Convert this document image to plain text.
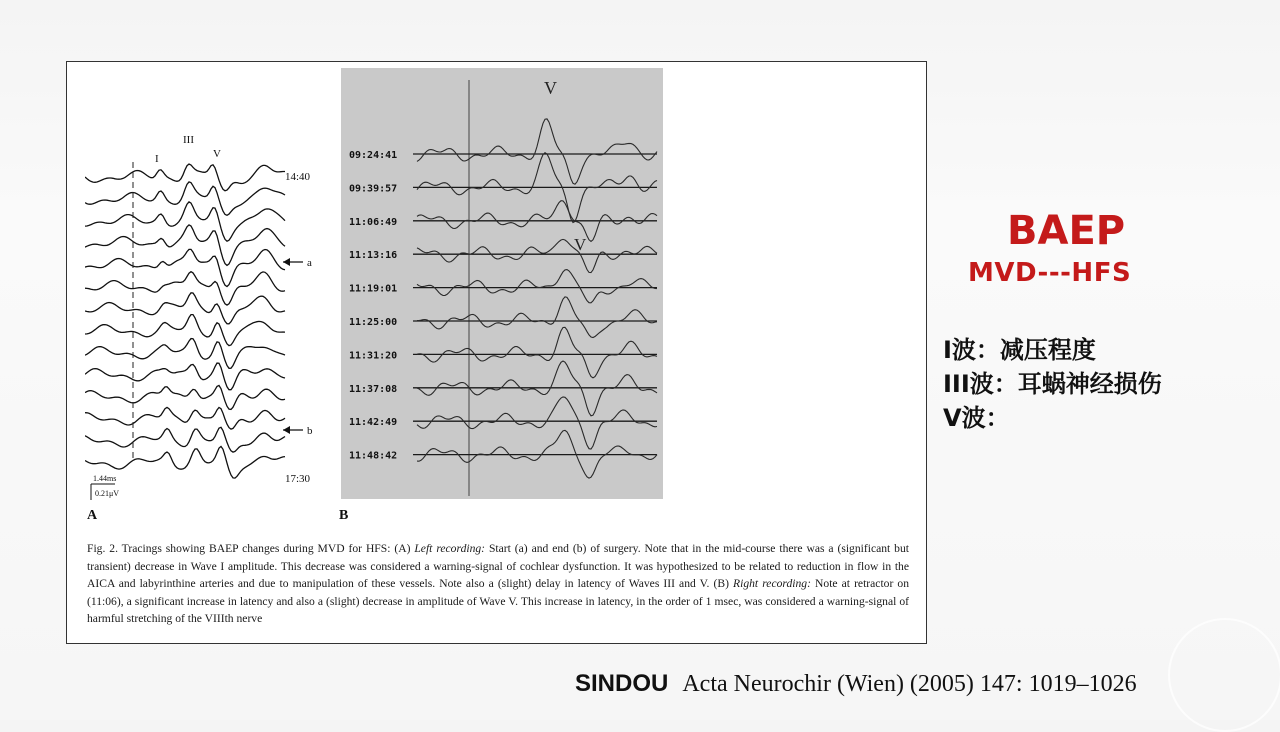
I
III
V
14:40
17:30
a
b
1.44ms
0.21μV
A
09:24:41
09:39:57
11:06:49
11:13:16
11:19:01
11:25:00
11:31:20
11:37:08
11:42:49
11:48:42
V
V
B
Fig. 2. Tracings showing BAEP changes during MVD for HFS: (A) Left recording: Start (a) and end (b) of surgery. Note that in the mid-course there was a (significant but transient) decrease in Wave I amplitude. This decrease was considered a warning-signal of cochlear dysfunction. It was hypothesized to be related to reduction in flow in the AICA and labyrinthine arteries and due to manipulation of these vessels. Note also a (slight) delay in latency of Waves III and V. (B) Right recording: Note at retractor on (11:06), a significant increase in latency and also a (slight) decrease in amplitude of Wave V. This increase in latency, in the order of 1 msec, was considered a warning-signal of harmful stretching of the VIIIth nerve
BAEP
MVD---HFS
I波：减压程度
III波：耳蜗神经损伤
V波：
SINDOU Acta Neurochir (Wien) (2005) 147: 1019–1026
